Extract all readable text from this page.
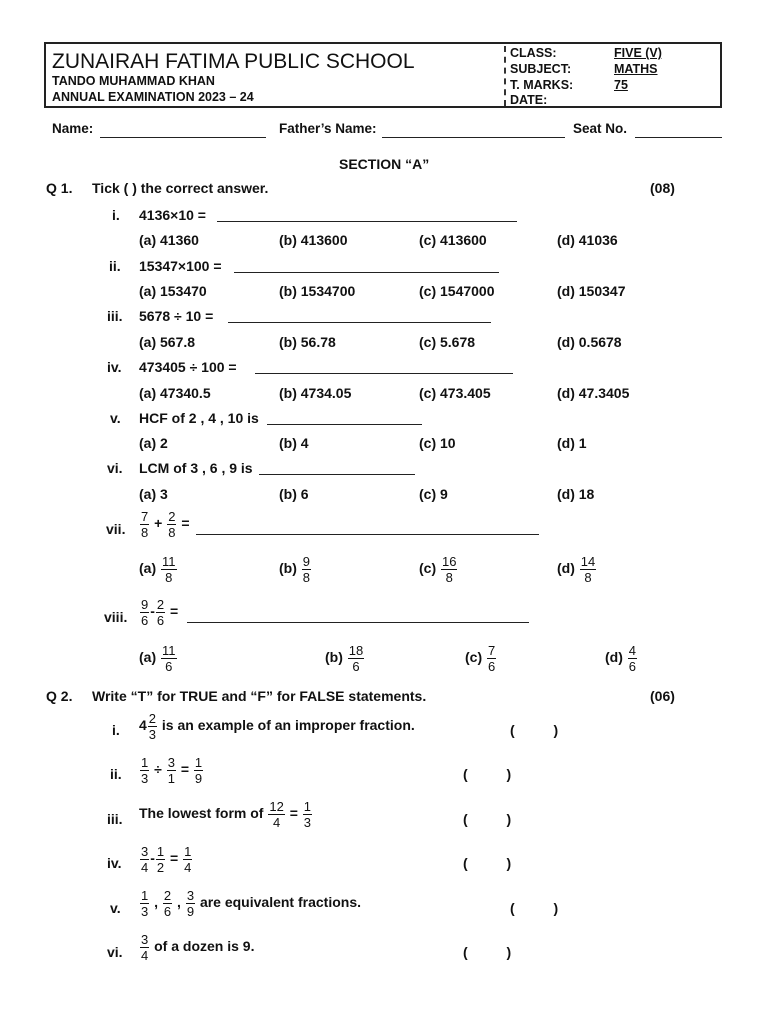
ZUNAIRAH FATIMA PUBLIC SCHOOL
TANDO MUHAMMAD KHAN
ANNUAL EXAMINATION 2023 – 24
CLASS:	FIVE (V)
SUBJECT:	MATHS
T. MARKS:	75
DATE:
Name:	Father’s Name:	Seat No.
SECTION “A”
Q 1. Tick ( ) the correct answer.	(08)
i. 4136×10 =
(a) 41360	(b) 413600	(c) 413600	(d) 41036
ii. 15347×100 =
(a) 153470	(b) 1534700	(c) 1547000	(d) 150347
iii. 5678 ÷ 10 =
(a) 567.8	(b) 56.78	(c) 5.678	(d) 0.5678
iv. 473405 ÷ 100 =
(a) 47340.5	(b) 4734.05	(c) 473.405	(d) 47.3405
v. HCF of 2 , 4 , 10 is
(a) 2	(b) 4	(c) 10	(d) 1
vi. LCM of 3 , 6 , 9 is
(a) 3	(b) 6	(c) 9	(d) 18
vii. $\frac{7}{8} + \frac{2}{8}$ =
$(a) \frac{11}{8}$	$(b) \frac{9}{8}$	$(c) \frac{16}{8}$	$(d) \frac{14}{8}$
viii. $\frac{9}{6} - \frac{2}{6}$ =
$(a) \frac{11}{6}$	$(b) \frac{18}{6}$	$(c) \frac{7}{6}$	$(d) \frac{4}{6}$
Q 2. Write “T” for TRUE and “F” for FALSE statements.	(06)
i. $4 \frac{2}{3}$ is an example of an improper fraction.	(          )
ii. $\frac{1}{3} \div \frac{3}{1} = \frac{1}{9}$	(          )
iii. The lowest form of $\frac{12}{4} = \frac{1}{3}$	(          )
iv. $\frac{3}{4} - \frac{1}{2} = \frac{1}{4}$	(          )
v. $\frac{1}{3}$ , $\frac{2}{6}$ , $\frac{3}{9}$ are equivalent fractions.	(          )
vi. $\frac{3}{4}$ of a dozen is 9.	(          )
